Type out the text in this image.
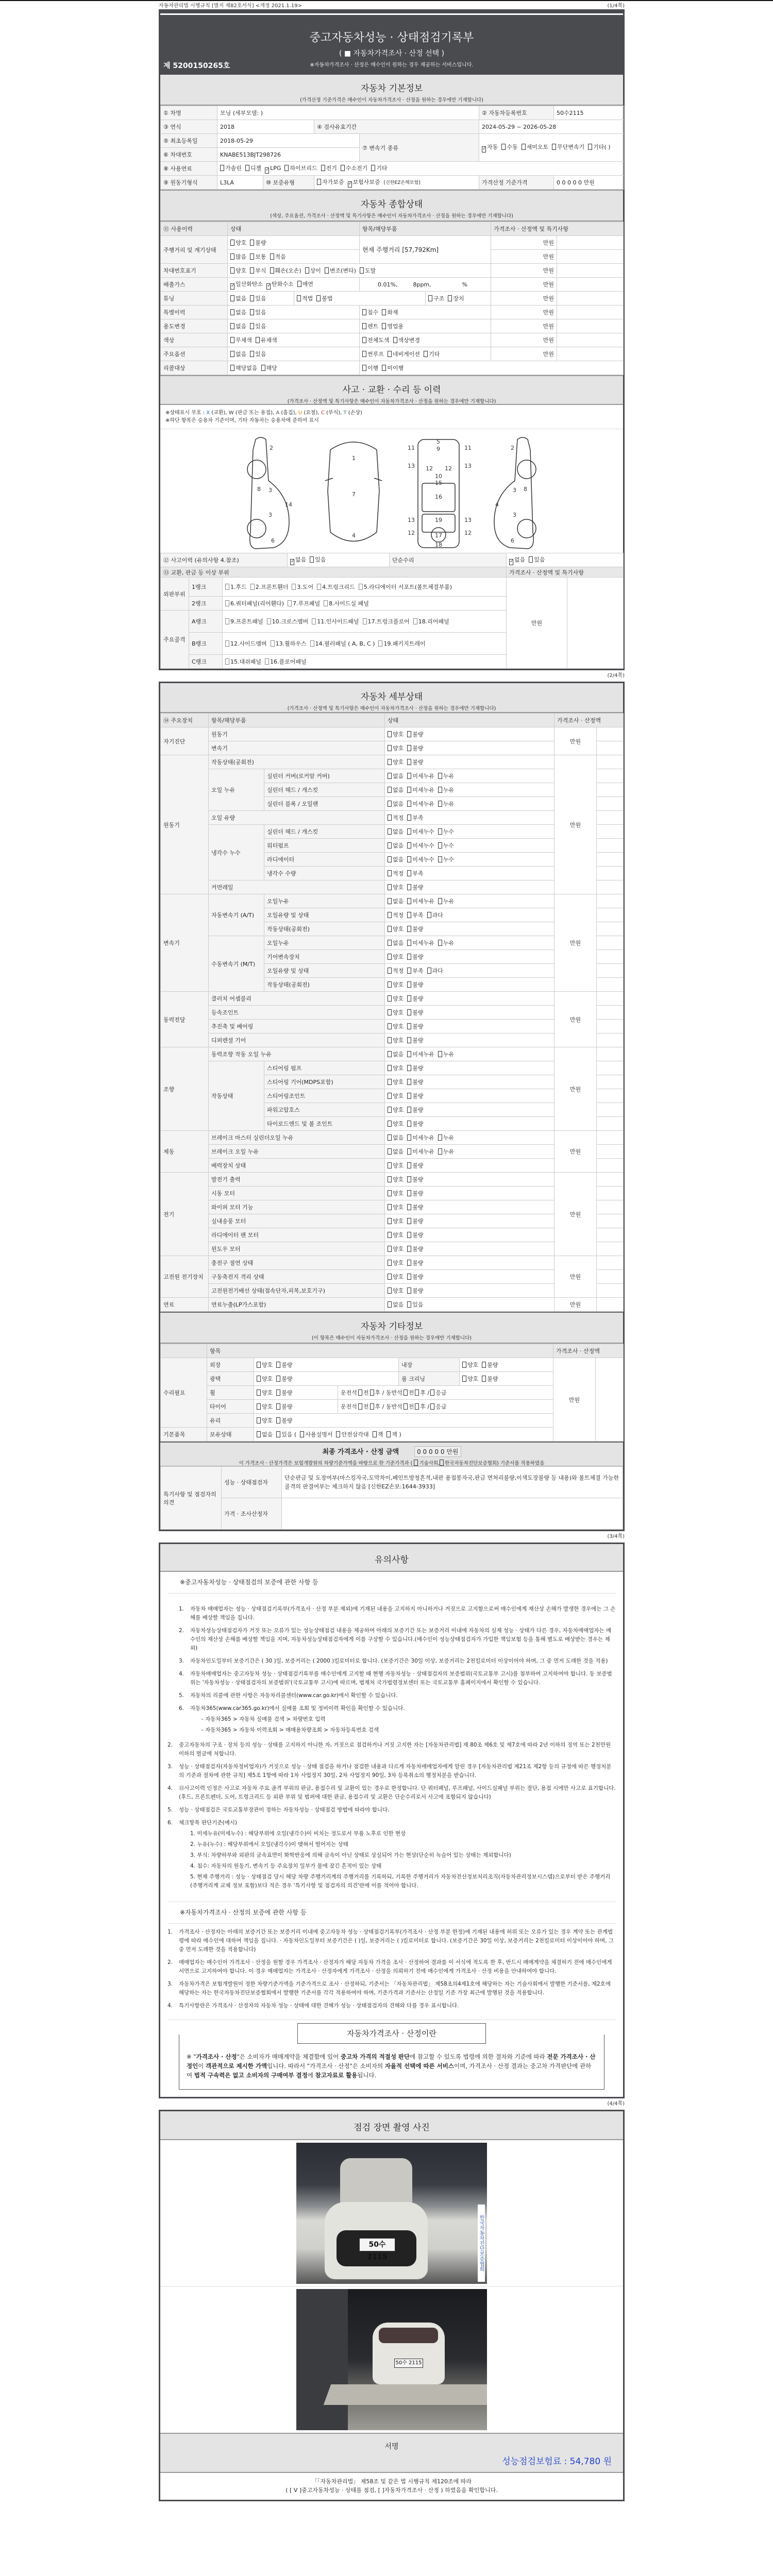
자동차관리법 시행규칙 [별지 제82호서식] <개정 2021.1.19>	(1/4쪽)
중고자동차성능 · 상태점검기록부
( ■ 자동차가격조사 · 산정 선택 )
※자동차가격조사 · 산정은 매수인이 원하는 경우 제공하는 서비스입니다.
제 5200150265호
자동차 기본정보

(가격산정 기준가격은 매수인이 자동차가격조사 · 산정을 원하는 경우에만 기재합니다)

① 차명	모닝 (세부모델: )				② 자동차등록번호	50수2115
③ 연식	2018		④ 검사유효기간		2024-05-29 ~ 2026-05-28	
⑤ 최초등록일	2018-05-29			⑦ 변속기 종류	✓자동 수동 세미오토 무단변속기 기타( )
⑥ 차대번호	KNABE513BJT298726					
⑧ 사용연료	가솔린 디젤 ✓ LPG 하이브리드 전기 수소전기 기타
⑨ 원동기형식	L3LA	⑩ 보증유형	자가보증 ✓ 보험사보증 [신한EZ손해보험]		가격산정 기준가격	0 0 0 0 0 만원
자동차 종합상태

(색상, 주요옵션, 가격조사 · 산정액 및 특기사항은 매수인이 자동차가격조사 · 산정을 원하는 경우에만 기재합니다)

⑪ 사용이력	상태		항목/해당부품		가격조사 · 산정액 및 특기사항	
주행거리 및 계기상태	양호 불량		현재 주행거리 [57,792Km]		만원	
	많음 보통 적음				만원	
차대번호표기	양호 부식 훼손(오손) 상이 변조(변타) 도말				만원	
배출가스	✓일산화탄소 ✓ 탄화수소 매연		0.01%, 8ppm, %		만원	
튜닝	없음 있음	적법 불법		구조 장치	만원	
특별이력	없음 있음		침수 화재		만원	
용도변경	없음 있음		렌트 영업용		만원	
색상	무채색 유채색		전체도색 색상변경		만원	
주요옵션	없음 있음		썬루프 네비게이션 기타		만원	
리콜대상	해당없음 해당		이행 미이행			
사고 · 교환 · 수리 등 이력

(가격조사 · 산정액 및 특기사항은 매수인이 자동차가격조사 · 산정을 원하는 경우에만 기재합니다)

※상태표시 부호 : X (교환), W (판금 또는 용접), A (흠집), U (요철), C (부식), T (손상)
※하단 항목은 승용차 기준이며, 기타 자동차는 승용차에 준하여 표시
2
3
3
8
14
6
1
7
4
5
9
11	11
13	13
12 12
10
15
16
19
17
18
13	13
12	12
2
3
3
8
4
6
⑫ 사고이력 (유의사항 4.참조)	✓없음 있음	단순수리	✓없음 있음
⑬ 교환, 판금 등 이상 부위					가격조사 · 산정액 및 특기사항	
외판부위	1랭크	1.후드 2.프론트휀더 3.도어 4.트렁크리드 5.라디에이터 서포트(볼트체결부품)			만원	
	2랭크	6.쿼터패널(리어휀다) 7.루프패널 8.사이드실 패널				
주요골격	A랭크	9.프론트패널 10.크로스멤버 11.인사이드패널 17.트렁크플로어 18.리어패널				
	B랭크	12.사이드멤버 13.휠하우스 14.필러패널 ( A, B, C ) 19.패키지트레이				
	C랭크	15.대쉬패널 16.플로어패널				
(2/4쪽)
자동차 세부상태

(가격조사 · 산정액 및 특기사항은 매수인이 자동차가격조사 · 산정을 원하는 경우에만 기재합니다)

⑭ 주요장치	항목/해당부품		상태	가격조사 · 산정액	
자기진단	원동기		양호 불량	만원	
	변속기		양호 불량		
원동기	작동상태(공회전)		양호 불량	만원	
	오일 누유	실린더 커버(로커암 커버)	없음 미세누유 누유		
		실린더 헤드 / 개스킷	없음 미세누유 누유		
		실린더 블록 / 오일팬	없음 미세누유 누유		
	오일 유량		적정 부족		
	냉각수 누수	실린더 헤드 / 개스킷	없음 미세누수 누수		
		워터펌프	없음 미세누수 누수		
		라디에이터	없음 미세누수 누수		
		냉각수 수량	적정 부족		
	커먼레일		양호 불량		
변속기	자동변속기 (A/T)	오일누유	없음 미세누유 누유	만원	
		오일유량 및 상태	적정 부족 과다		
		작동상태(공회전)	양호 불량		
	수동변속기 (M/T)	오일누유	없음 미세누유 누유		
		기어변속장치	양호 불량		
		오일유량 및 상태	적정 부족 과다		
		작동상태(공회전)	양호 불량		
동력전달	클러치 어셈블리		양호 불량	만원	
	등속조인트		양호 불량		
	추진축 및 베어링		양호 불량		
	디퍼렌셜 기어		양호 불량		
조향	동력조향 작동 오일 누유		없음 미세누유 누유	만원	
	작동상태	스티어링 펌프	양호 불량		
		스티어링 기어(MDPS포함)	양호 불량		
		스티어링조인트	양호 불량		
		파워고압호스	양호 불량		
		타이로드엔드 및 볼 조인트	양호 불량		
제동	브레이크 마스터 실린더오일 누유		없음 미세누유 누유	만원	
	브레이크 오일 누유		없음 미세누유 누유		
	배력장치 상태		양호 불량		
전기	발전기 출력		양호 불량	만원	
	시동 모터		양호 불량		
	와이퍼 모터 기능		양호 불량		
	실내송풍 모터		양호 불량		
	라디에이터 팬 모터		양호 불량		
	윈도우 모터		양호 불량		
고전원 전기장치	충전구 절연 상태		양호 불량	만원	
	구동축전지 격리 상태		양호 불량		
	고전원전기배선 상태(접속단자,피복,보호기구)		양호 불량		
연료	연료누출(LP가스포함)		없음 있음	만원	
자동차 기타정보

(이 항목은 매수인이 자동차가격조사 · 산정을 원하는 경우에만 기재합니다)

	항목					가격조사 · 산정액	
수리필요	외장	양호 불량		내장	양호 불량	만원	
	광택	양호 불량		룸 크리닝	양호 불량		
	휠	양호 불량	운전석 전 후 / 동반석 전 후 / 응급				
	타이어	양호 불량	운전석 전 후 / 동반석 전 후 / 응급				
	유리	양호 불량					
기본품목	보유상태	없음 있음 ( 사용설명서 안전삼각대 잭 잭 )					
최종 가격조사 · 산정 금액	0 0 0 0 0 만원
이 가격조사 · 산정가격은 보험개발원의 차량기준가액을 바탕으로 한 기준가격과 ( 기술사회, 한국자동차진단보증협회) 기준서를 적용하였음
특기사항 및 점검자의 의견	성능 · 상태점검자	단순판금 및 도장여부(마스킹자국,도막차이,페인트방청흔적,내판 용접봉자국,판금 면처리불량,이색도장불량 등 내용)와 볼트체결 가능한 골격의 판결여부는 체크하지 않음 [신한EZ손보:1644-3933]
	가격 · 조사산정자	
(3/4쪽)
유의사항
※중고자동차성능 · 상태점검의 보증에 관한 사항 등
1.	자동차 매매업자는 성능 · 상태점검기록부(가격조사 · 산정 부분 제외)에 기재된 내용을 고지하지 아니하거나 거짓으로 고지함으로써 매수인에게 재산상 손해가 발생한 경우에는 그 손해를 배상할 책임을 집니다.
2.	자동차성능상태점검자가 거짓 또는 오류가 있는 성능상태점검 내용을 제공하여 아래의 보증기간 또는 보증거리 이내에 자동차의 실제 성능 · 상태가 다른 경우, 자동차매매업자는 매수인의 재산상 손해를 배상할 책임을 지며, 자동차성능상태점검자에게 이를 구상할 수 있습니다.(매수인이 성능상태점검자가 가입한 책임보험 등을 통해 별도로 배상받는 경우는 제외)
3.	자동차인도일부터 보증기간은 ( 30 )일, 보증거리는 ( 2000 )킬로미터로 합니다. (보증기간은 30일 이상, 보증거리는 2천킬로미터 이상이어야 하며, 그 중 먼저 도래한 것을 적용)
4.	자동차매매업자는 중고자동차 성능 · 상태점검기록부를 매수인에게 고지할 때 현행 자동차성능 · 상태점검자의 보증범위(국토교통부 고시)를 첨부하여 고지하여야 합니다. 동 보증범위는 '자동차성능 · 상태점검자의 보증범위'(국토교통부 고시)에 따르며, 법제처 국가법령정보센터 또는 국토교통부 홈페이지에서 확인할 수 있습니다.
5.	자동차의 리콜에 관한 사항은 자동차리콜센터(www.car.go.kr)에서 확인할 수 있습니다.
6.	자동차365(www.car365.go.kr)에서 실매물 조회 및 정비이력 확인을 확인할 수 있습니다.
- 자동차365 > 자동차 실매물 검색 > 차량번호 입력
- 자동차365 > 자동차 이력조회 > 매매용차량조회 > 자동차등록번호 검색
2.	중고자동차의 구조 · 장치 등의 성능 · 상태를 고지하지 아니한 자, 거짓으로 점검하거나 거짓 고지한 자는 [자동차관리법] 제 80조 제6호 및 제7호에 따라 2년 이하의 징역 또는 2천만원 이하의 벌금에 처합니다.
3.	성능 · 상태점검자(자동차정비업자)가 거짓으로 성능 · 상태 점검을 하거나 점검한 내용과 다르게 자동차매매업자에게 알린 경우 [자동차관리법 제21조 제2항 등의 규정에 따른 행정처분의 기준과 절차에 관한 규칙] 제5조 1항에 따라 1차 사업정지 30일, 2차 사업정지 90일, 3차 등록취소의 행정처분을 받습니다.
4.	⑫사고이력 인정은 사고로 자동차 주요 골격 부위의 판금, 용접수리 및 교환이 있는 경우로 한정합니다. 단 쿼터패널, 루프패널, 사이드실패널 부위는 절단, 용접 시에만 사고로 표기합니다. (후드, 프론트펜더, 도어, 트렁크리드 등 외판 부위 및 범퍼에 대한 판금, 용접수리 및 교환은 단순수리로서 사고에 포함되지 않습니다)
5.	성능 · 상태점검은 국토교통부장관이 정하는 자동차성능 · 상태점검 방법에 따라야 합니다.
6.	체크항목 판단기준(예시)
1. 미세누유(미세누수) : 해당부위에 오일(냉각수)이 비치는 정도로서 부품 노후로 인한 현상
2. 누유(누수) : 해당부위에서 오일(냉각수)이 맺혀서 떨어지는 상태
3. 부식: 차량하부와 외판의 금속표면이 화학반응에 의해 금속이 아닌 상태로 상실되어 가는 현상(단순히 녹슬어 있는 상태는 제외합니다)
4. 침수: 자동차의 원동기, 변속기 등 주요장치 일부가 물에 잠긴 흔적이 있는 상태
5. 현재 주행거리 : 성능 · 상태점검 당시 해당 차량 주행거리계의 주행거리를 기록하되, 기록한 주행거리가 자동차전산정보처리조직(자동차관리정보시스템)으로부터 받은 주행거리(주행거리계 교체 정보 포함)보다 적은 경우 '특기사항 및 점검자의 의견'란에 이를 적어야 합니다.
※자동차가격조사 · 산정의 보증에 관한 사항 등
1.	가격조사 · 산정자는 아래의 보증기간 또는 보증거리 이내에 중고자동차 성능 · 상태점검기록부(가격조사 · 산정 부분 한정)에 기재된 내용에 허위 또는 오류가 있는 경우 계약 또는 관계법령에 따라 매수인에 대하여 책임을 집니다. · 자동차인도일부터 보증기간은 ( )일, 보증거리는 ( )킬로미터로 합니다. (보증기간은 30일 이상, 보증거리는 2천킬로미터 이상이어야 하며, 그 중 먼저 도래한 것을 적용합니다)
2.	매매업자는 매수인이 가격조사 · 산정을 원할 경우 가격조사 · 산정자가 해당 자동차 가격을 조사 · 산정하여 결과를 이 서식에 적도록 한 후, 반드시 매매계약을 체결하기 전에 매수인에게 서면으로 고지하여야 합니다. 이 경우 매매업자는 가격조사 · 산정자에게 가격조사 · 산정을 의뢰하기 전에 매수인에게 가격조사 · 산정 비용을 안내하여야 합니다.
3.	자동차가격은 보험개발원이 정한 차량기준가액을 기준가격으로 조사 · 산정하되, 기준서는 「자동차관리법」 제58조의4제1호에 해당하는 자는 기술사회에서 발행한 기준서를, 제2호에 해당하는 자는 한국자동차진단보증협회에서 발행한 기준서를 각각 적용하여야 하며, 기준가격과 기준서는 산정일 기준 가장 최근에 발행된 것을 적용합니다.
4.	특기사항란은 가격조사 · 산정자의 자동차 성능 · 상태에 대한 견해가 성능 · 상태점검자의 견해와 다를 경우 표시합니다.
자동차가격조사 · 산정이란
※ "가격조사 · 산정"은 소비자가 매매계약을 체결함에 있어 중고차 가격의 적절성 판단에 참고할 수 있도록 법령에 의한 절차와 기준에 따라 전문 가격조사 · 산정인이 객관적으로 제시한 가액입니다. 따라서 "가격조사 · 산정"은 소비자의 자율적 선택에 따른 서비스이며, 가격조사 · 산정 결과는 중고차 가격판단에 관하여 법적 구속력은 없고 소비자의 구매여부 결정에 참고자료로 활용됩니다.
(4/4쪽)
점검 장면 촬영 사진
50수 2115	한국자동차진단보증협회
50수 2115
서명
성능점검보험료 : 54,780 원
「「자동차관리법」 제58조 및 같은 법 시행규칙 제120조에 따라
( [ V ]중고자동차성능 · 상태를 점검, [ ]자동차가격조사 · 산정 ) 하였음을 확인합니다.
